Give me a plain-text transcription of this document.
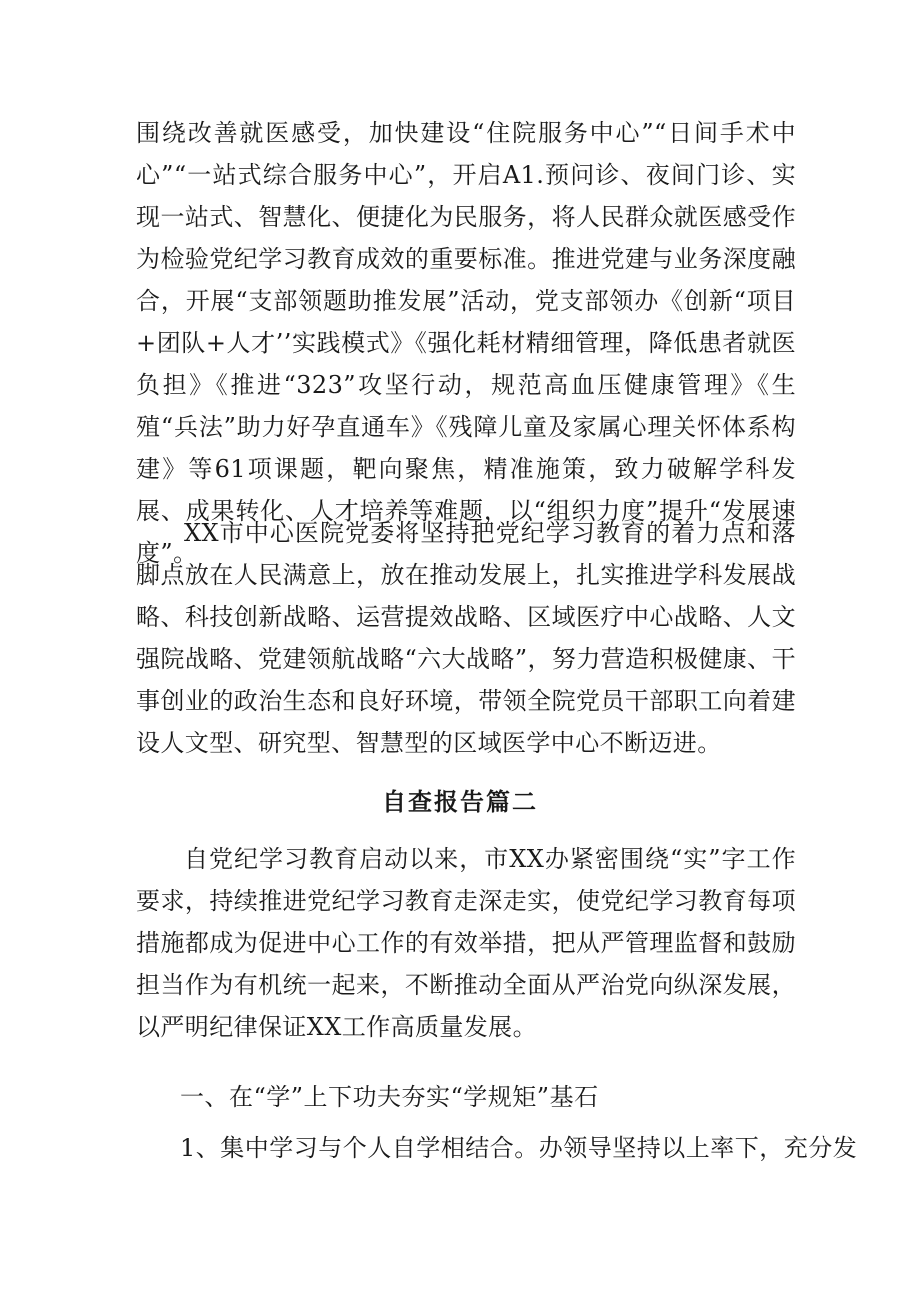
围绕改善就医感受，加快建设“住院服务中心”“日间手术中心”“一站式综合服务中心”，开启A1.预问诊、夜间门诊、实现一站式、智慧化、便捷化为民服务，将人民群众就医感受作为检验党纪学习教育成效的重要标准。推进党建与业务深度融合，开展“支部领题助推发展”活动，党支部领办《创新“项目+团队+人才’’实践模式》《强化耗材精细管理，降低患者就医负担》《推进“323”攻坚行动，规范高血压健康管理》《生殖“兵法”助力好孕直通车》《残障儿童及家属心理关怀体系构建》等61项课题，靶向聚焦，精准施策，致力破解学科发展、成果转化、人才培养等难题，以“组织力度”提升“发展速度”。

XX市中心医院党委将坚持把党纪学习教育的着力点和落脚点放在人民满意上，放在推动发展上，扎实推进学科发展战略、科技创新战略、运营提效战略、区域医疗中心战略、人文强院战略、党建领航战略“六大战略”，努力营造积极健康、干事创业的政治生态和良好环境，带领全院党员干部职工向着建设人文型、研究型、智慧型的区域医学中心不断迈进。

自查报告篇二

自党纪学习教育启动以来，市XX办紧密围绕“实”字工作要求，持续推进党纪学习教育走深走实，使党纪学习教育每项措施都成为促进中心工作的有效举措，把从严管理监督和鼓励担当作为有机统一起来，不断推动全面从严治党向纵深发展，以严明纪律保证XX工作高质量发展。

一、在“学”上下功夫夯实“学规矩”基石

1、集中学习与个人自学相结合。办领导坚持以上率下，充分发
